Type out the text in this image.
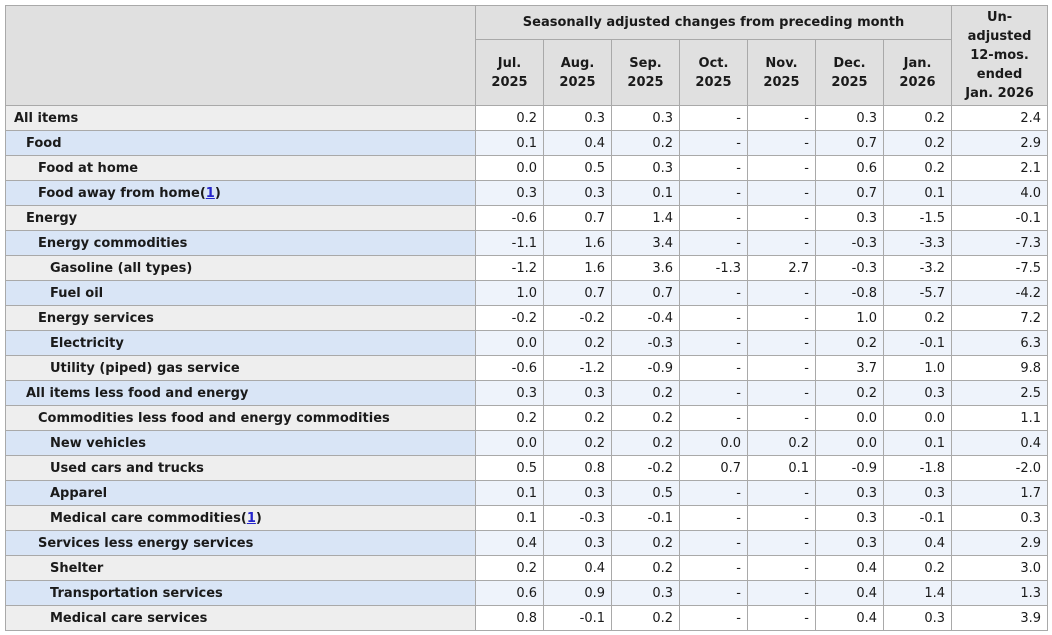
	Seasonally adjusted changes from preceding month							Un-
adjusted
12-mos.
ended
Jan. 2026
	Jul.
2025	Aug.
2025	Sep.
2025	Oct.
2025	Nov.
2025	Dec.
2025	Jan.
2026	
All items	0.2	0.3	0.3	-	-	0.3	0.2	2.4
Food	0.1	0.4	0.2	-	-	0.7	0.2	2.9
Food at home	0.0	0.5	0.3	-	-	0.6	0.2	2.1
Food away from home(1)	0.3	0.3	0.1	-	-	0.7	0.1	4.0
Energy	-0.6	0.7	1.4	-	-	0.3	-1.5	-0.1
Energy commodities	-1.1	1.6	3.4	-	-	-0.3	-3.3	-7.3
Gasoline (all types)	-1.2	1.6	3.6	-1.3	2.7	-0.3	-3.2	-7.5
Fuel oil	1.0	0.7	0.7	-	-	-0.8	-5.7	-4.2
Energy services	-0.2	-0.2	-0.4	-	-	1.0	0.2	7.2
Electricity	0.0	0.2	-0.3	-	-	0.2	-0.1	6.3
Utility (piped) gas service	-0.6	-1.2	-0.9	-	-	3.7	1.0	9.8
All items less food and energy	0.3	0.3	0.2	-	-	0.2	0.3	2.5
Commodities less food and energy commodities	0.2	0.2	0.2	-	-	0.0	0.0	1.1
New vehicles	0.0	0.2	0.2	0.0	0.2	0.0	0.1	0.4
Used cars and trucks	0.5	0.8	-0.2	0.7	0.1	-0.9	-1.8	-2.0
Apparel	0.1	0.3	0.5	-	-	0.3	0.3	1.7
Medical care commodities(1)	0.1	-0.3	-0.1	-	-	0.3	-0.1	0.3
Services less energy services	0.4	0.3	0.2	-	-	0.3	0.4	2.9
Shelter	0.2	0.4	0.2	-	-	0.4	0.2	3.0
Transportation services	0.6	0.9	0.3	-	-	0.4	1.4	1.3
Medical care services	0.8	-0.1	0.2	-	-	0.4	0.3	3.9
